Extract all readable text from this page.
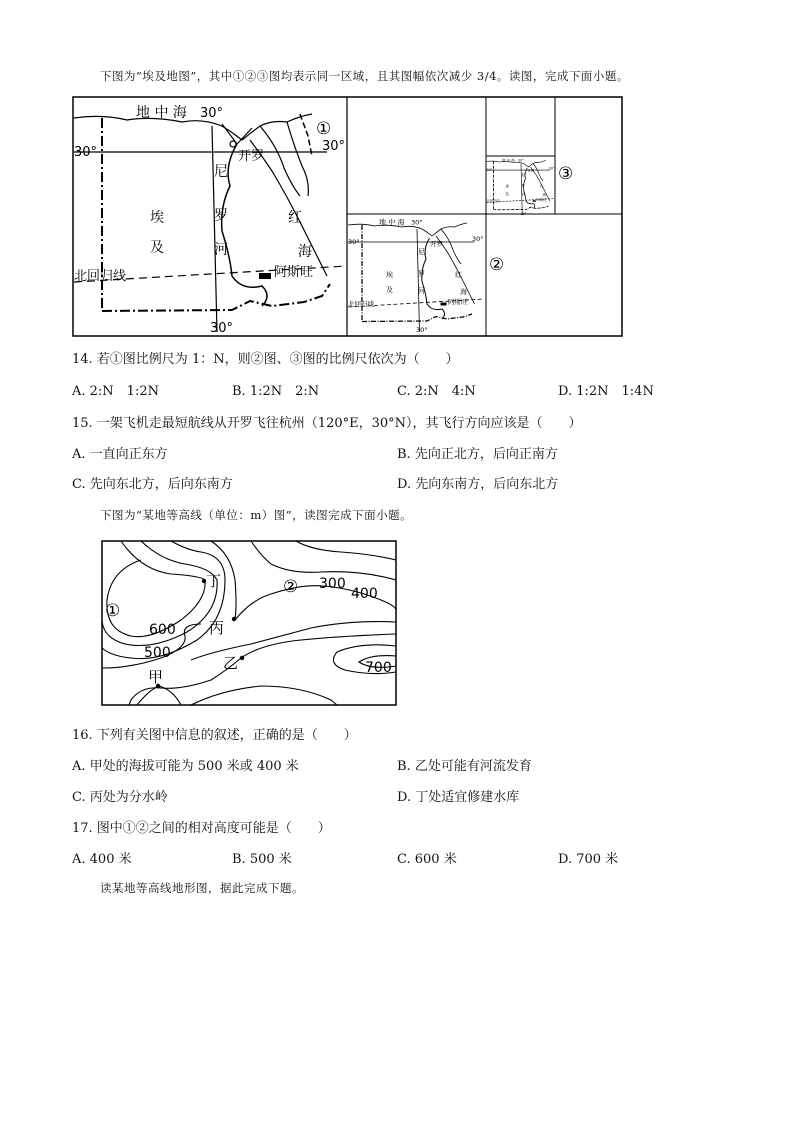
下图为“埃及地图”，其中①②③图均表示同一区域，且其图幅依次减少 3/4。读图，完成下面小题。
地 中 海 30°
30°	30°
开罗
尼
罗
河
埃
及
红
海
北回归线	阿斯旺
30°
①
地 中 海 30°
30°	30°
开罗
尼
罗
河
埃
及
红
海
北回归线	阿斯旺
30°
②
地 中 海 30°
30°	30°
开罗
尼
罗
河
埃
及
红
海
北回归线	阿斯旺
30°
③
14. 若①图比例尺为 1：N，则②图、③图的比例尺依次为（　　）
A. 2:N　1:2N	B. 1:2N　2:N	C. 2:N　4:N	D. 1:2N　1:4N
15. 一架飞机走最短航线从开罗飞往杭州（120°E，30°N），其飞行方向应该是（　　）
A. 一直向正东方	B. 先向正北方，后向正南方
C. 先向东北方，后向东南方	D. 先向东南方，后向东北方
下图为“某地等高线（单位：m）图”，读图完成下面小题。
丁
丙
乙
甲
①
② 300
400
600
500
700
16. 下列有关图中信息的叙述，正确的是（　　）
A. 甲处的海拔可能为 500 米或 400 米	B. 乙处可能有河流发育
C. 丙处为分水岭	D. 丁处适宜修建水库
17. 图中①②之间的相对高度可能是（　　）
A. 400 米	B. 500 米	C. 600 米	D. 700 米
读某地等高线地形图，据此完成下题。
